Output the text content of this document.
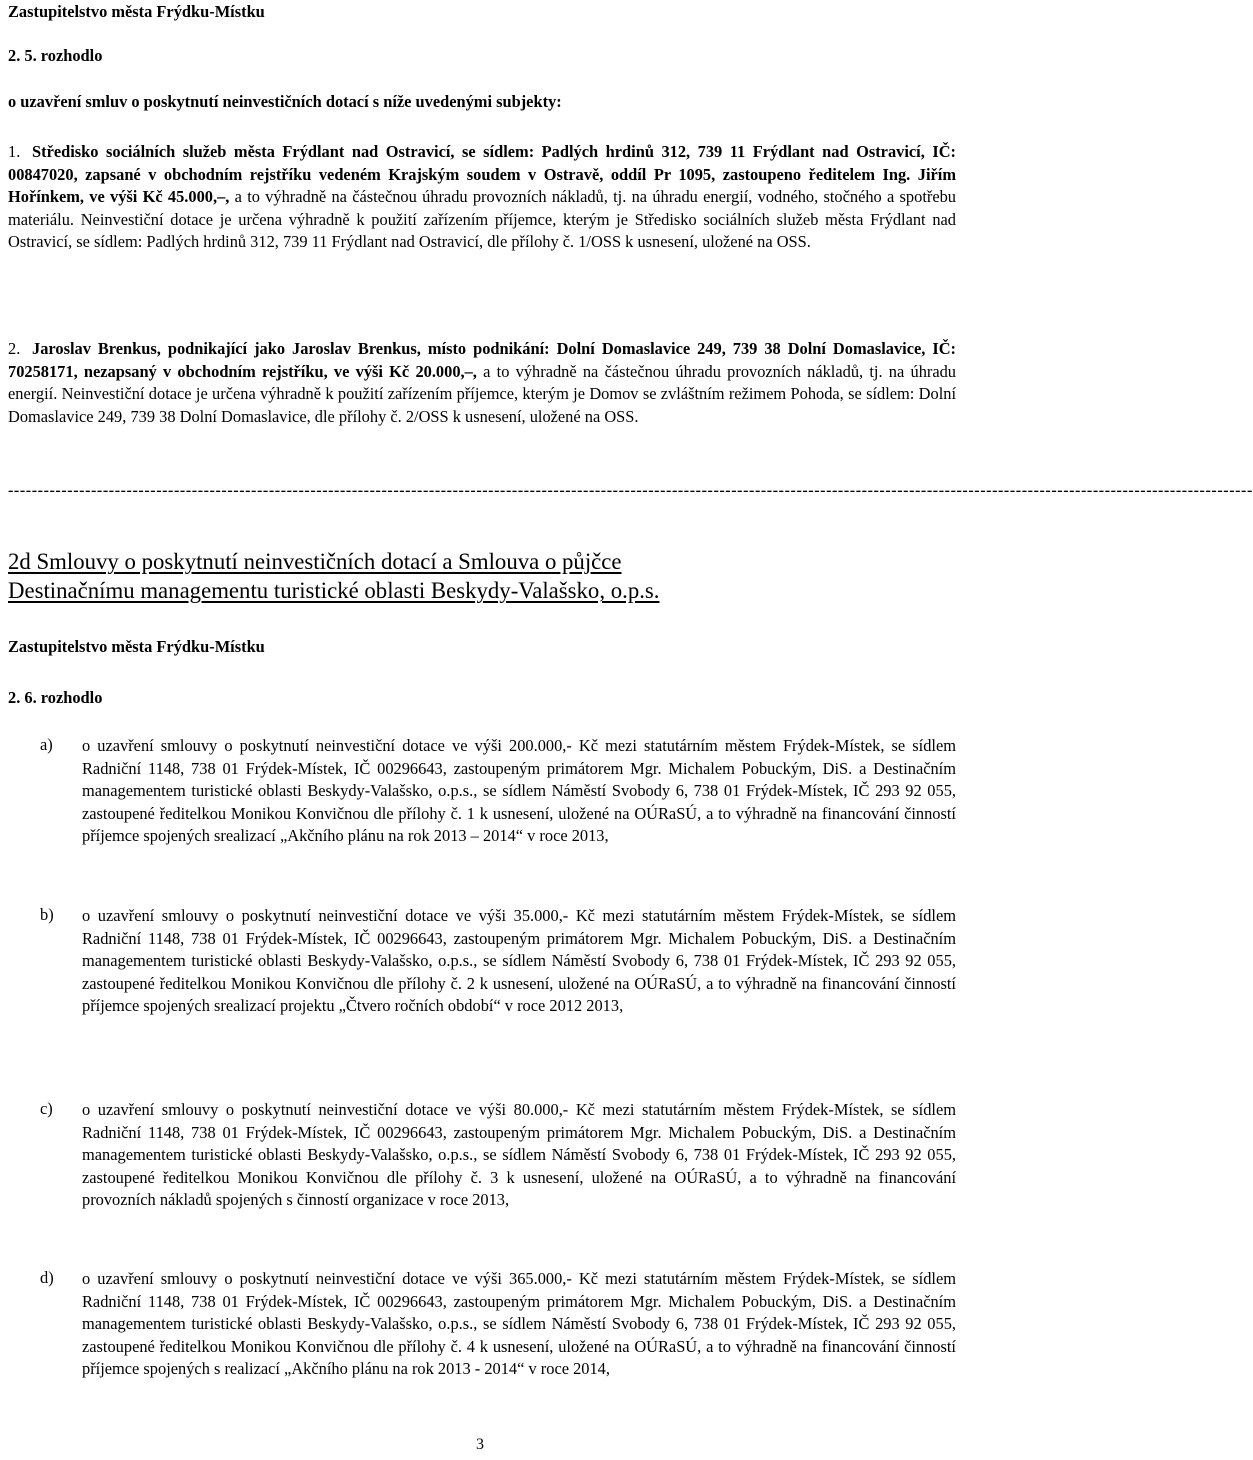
Zastupitelstvo města Frýdku-Místku
2. 5. rozhodlo
o uzavření smluv o poskytnutí neinvestičních dotací s níže uvedenými subjekty:

1. Středisko sociálních služeb města Frýdlant nad Ostravicí, se sídlem: Padlých hrdinů 312, 739 11 Frýdlant nad Ostravicí, IČ: 00847020, zapsané v obchodním rejstříku vedeném Krajským soudem v Ostravě, oddíl Pr 1095, zastoupeno ředitelem Ing. Jiřím Hořínkem, ve výši Kč 45.000,–, a to výhradně na částečnou úhradu provozních nákladů, tj. na úhradu energií, vodného, stočného a spotřebu materiálu. Neinvestiční dotace je určena výhradně k použití zařízením příjemce, kterým je Středisko sociálních služeb města Frýdlant nad Ostravicí, se sídlem: Padlých hrdinů 312, 739 11 Frýdlant nad Ostravicí, dle přílohy č. 1/OSS k usnesení, uložené na OSS.

2. Jaroslav Brenkus, podnikající jako Jaroslav Brenkus, místo podnikání: Dolní Domaslavice 249, 739 38 Dolní Domaslavice, IČ: 70258171, nezapsaný v obchodním rejstříku, ve výši Kč 20.000,–, a to výhradně na částečnou úhradu provozních nákladů, tj. na úhradu energií. Neinvestiční dotace je určena výhradně k použití zařízením příjemce, kterým je Domov se zvláštním režimem Pohoda, se sídlem: Dolní Domaslavice 249, 739 38 Dolní Domaslavice, dle přílohy č. 2/OSS k usnesení, uložené na OSS.

------------------------------------------------------------------------------------------------------------------------------------------------------------------------------------------------------------------
2d Smlouvy o poskytnutí neinvestičních dotací a Smlouva o půjčce
Destinačnímu managementu turistické oblasti Beskydy-Valašsko, o.p.s.
Zastupitelstvo města Frýdku-Místku
2. 6. rozhodlo
a) o uzavření smlouvy o poskytnutí neinvestiční dotace ve výši 200.000,- Kč mezi statutárním městem Frýdek-Místek, se sídlem Radniční 1148, 738 01 Frýdek-Místek, IČ 00296643, zastoupeným primátorem Mgr. Michalem Pobuckým, DiS. a Destinačním managementem turistické oblasti Beskydy-Valašsko, o.p.s., se sídlem Náměstí Svobody 6, 738 01 Frýdek-Místek, IČ 293 92 055, zastoupené ředitelkou Monikou Konvičnou dle přílohy č. 1 k usnesení, uložené na OÚRaSÚ, a to výhradně na financování činností příjemce spojených srealizací „Akčního plánu na rok 2013 – 2014“ v roce 2013,
b) o uzavření smlouvy o poskytnutí neinvestiční dotace ve výši 35.000,- Kč mezi statutárním městem Frýdek-Místek, se sídlem Radniční 1148, 738 01 Frýdek-Místek, IČ 00296643, zastoupeným primátorem Mgr. Michalem Pobuckým, DiS. a Destinačním managementem turistické oblasti Beskydy-Valašsko, o.p.s., se sídlem Náměstí Svobody 6, 738 01 Frýdek-Místek, IČ 293 92 055, zastoupené ředitelkou Monikou Konvičnou dle přílohy č. 2 k usnesení, uložené na OÚRaSÚ, a to výhradně na financování činností příjemce spojených srealizací projektu „Čtvero ročních období“ v roce 2012 2013,
c) o uzavření smlouvy o poskytnutí neinvestiční dotace ve výši 80.000,- Kč mezi statutárním městem Frýdek-Místek, se sídlem Radniční 1148, 738 01 Frýdek-Místek, IČ 00296643, zastoupeným primátorem Mgr. Michalem Pobuckým, DiS. a Destinačním managementem turistické oblasti Beskydy-Valašsko, o.p.s., se sídlem Náměstí Svobody 6, 738 01 Frýdek-Místek, IČ 293 92 055, zastoupené ředitelkou Monikou Konvičnou dle přílohy č. 3 k usnesení, uložené na OÚRaSÚ, a to výhradně na financování provozních nákladů spojených s činností organizace v roce 2013,
d) o uzavření smlouvy o poskytnutí neinvestiční dotace ve výši 365.000,- Kč mezi statutárním městem Frýdek-Místek, se sídlem Radniční 1148, 738 01 Frýdek-Místek, IČ 00296643, zastoupeným primátorem Mgr. Michalem Pobuckým, DiS. a Destinačním managementem turistické oblasti Beskydy-Valašsko, o.p.s., se sídlem Náměstí Svobody 6, 738 01 Frýdek-Místek, IČ 293 92 055, zastoupené ředitelkou Monikou Konvičnou dle přílohy č. 4 k usnesení, uložené na OÚRaSÚ, a to výhradně na financování činností příjemce spojených s realizací „Akčního plánu na rok 2013 - 2014“ v roce 2014,
3
